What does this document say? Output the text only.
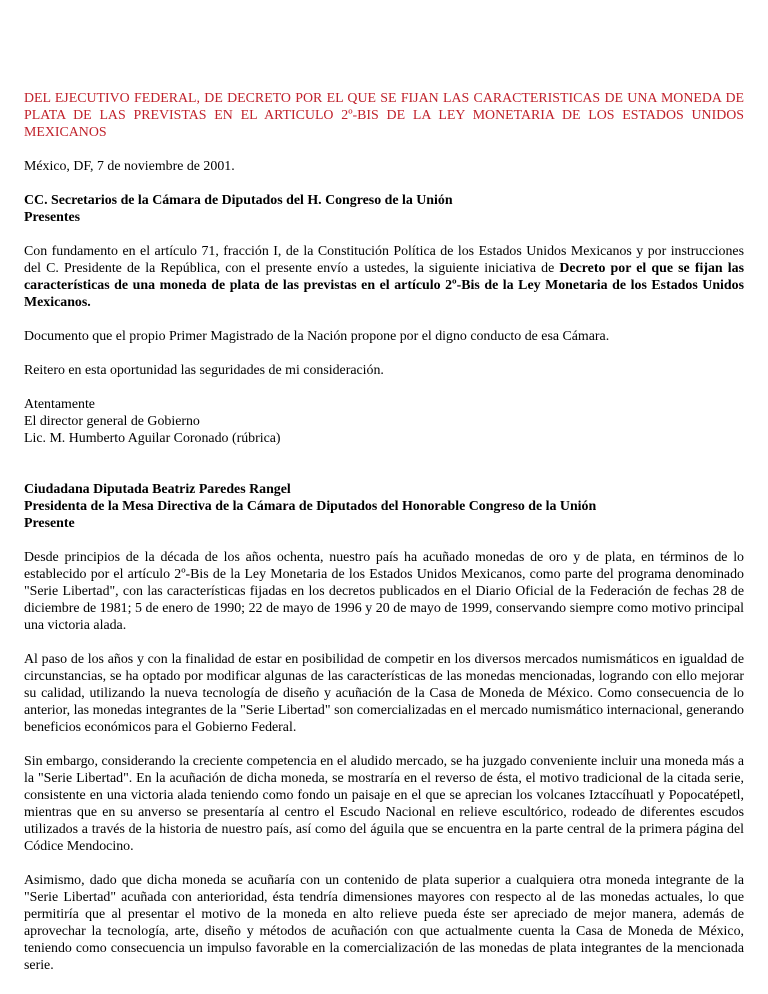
DEL EJECUTIVO FEDERAL, DE DECRETO POR EL QUE SE FIJAN LAS CARACTERISTICAS DE UNA MONEDA DE PLATA DE LAS PREVISTAS EN EL ARTICULO 2º-BIS DE LA LEY MONETARIA DE LOS ESTADOS UNIDOS MEXICANOS

México, DF, 7 de noviembre de 2001.

CC. Secretarios de la Cámara de Diputados del H. Congreso de la Unión
Presentes

Con fundamento en el artículo 71, fracción I, de la Constitución Política de los Estados Unidos Mexicanos y por instrucciones del C. Presidente de la República, con el presente envío a ustedes, la siguiente iniciativa de Decreto por el que se fijan las características de una moneda de plata de las previstas en el artículo 2º-Bis de la Ley Monetaria de los Estados Unidos Mexicanos.

Documento que el propio Primer Magistrado de la Nación propone por el digno conducto de esa Cámara.

Reitero en esta oportunidad las seguridades de mi consideración.

Atentamente
El director general de Gobierno
Lic. M. Humberto Aguilar Coronado (rúbrica)

Ciudadana Diputada Beatriz Paredes Rangel
Presidenta de la Mesa Directiva de la Cámara de Diputados del Honorable Congreso de la Unión
Presente

Desde principios de la década de los años ochenta, nuestro país ha acuñado monedas de oro y de plata, en términos de lo establecido por el artículo 2º-Bis de la Ley Monetaria de los Estados Unidos Mexicanos, como parte del programa denominado "Serie Libertad", con las características fijadas en los decretos publicados en el Diario Oficial de la Federación de fechas 28 de diciembre de 1981; 5 de enero de 1990; 22 de mayo de 1996 y 20 de mayo de 1999, conservando siempre como motivo principal una victoria alada.

Al paso de los años y con la finalidad de estar en posibilidad de competir en los diversos mercados numismáticos en igualdad de circunstancias, se ha optado por modificar algunas de las características de las monedas mencionadas, logrando con ello mejorar su calidad, utilizando la nueva tecnología de diseño y acuñación de la Casa de Moneda de México. Como consecuencia de lo anterior, las monedas integrantes de la "Serie Libertad" son comercializadas en el mercado numismático internacional, generando beneficios económicos para el Gobierno Federal.

Sin embargo, considerando la creciente competencia en el aludido mercado, se ha juzgado conveniente incluir una moneda más a la "Serie Libertad". En la acuñación de dicha moneda, se mostraría en el reverso de ésta, el motivo tradicional de la citada serie, consistente en una victoria alada teniendo como fondo un paisaje en el que se aprecian los volcanes Iztaccíhuatl y Popocatépetl, mientras que en su anverso se presentaría al centro el Escudo Nacional en relieve escultórico, rodeado de diferentes escudos utilizados a través de la historia de nuestro país, así como del águila que se encuentra en la parte central de la primera página del Códice Mendocino.

Asimismo, dado que dicha moneda se acuñaría con un contenido de plata superior a cualquiera otra moneda integrante de la "Serie Libertad" acuñada con anterioridad, ésta tendría dimensiones mayores con respecto al de las monedas actuales, lo que permitiría que al presentar el motivo de la moneda en alto relieve pueda éste ser apreciado de mejor manera, además de aprovechar la tecnología, arte, diseño y métodos de acuñación con que actualmente cuenta la Casa de Moneda de México, teniendo como consecuencia un impulso favorable en la comercialización de las monedas de plata integrantes de la mencionada serie.
